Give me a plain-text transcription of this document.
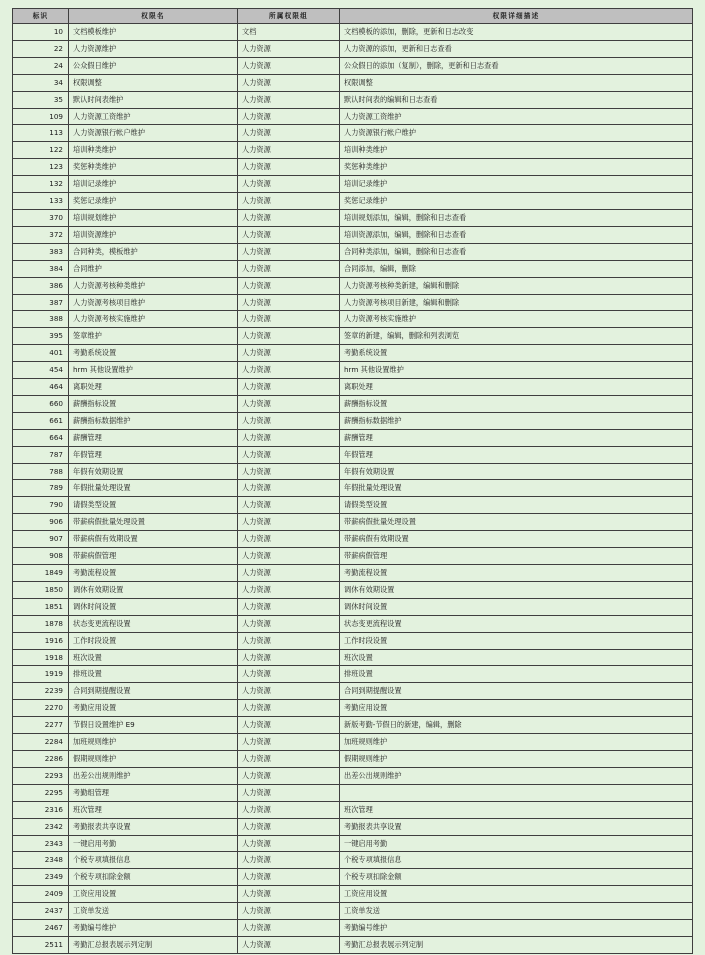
标识	权限名	所属权限组	权限详细描述
10	文档模板维护	文档	文档模板的添加，删除，更新和日志改变
22	人力资源维护	人力资源	人力资源的添加，更新和日志查看
24	公众假日维护	人力资源	公众假日的添加（复制），删除，更新和日志查看
34	权限调整	人力资源	权限调整
35	默认时间表维护	人力资源	默认时间表的编辑和日志查看
109	人力资源工资维护	人力资源	人力资源工资维护
113	人力资源银行帐户维护	人力资源	人力资源银行帐户维护
122	培训种类维护	人力资源	培训种类维护
123	奖惩种类维护	人力资源	奖惩种类维护
132	培训记录维护	人力资源	培训记录维护
133	奖惩记录维护	人力资源	奖惩记录维护
370	培训规划维护	人力资源	培训规划添加，编辑，删除和日志查看
372	培训资源维护	人力资源	培训资源添加，编辑，删除和日志查看
383	合同种类，模板维护	人力资源	合同种类添加，编辑，删除和日志查看
384	合同维护	人力资源	合同添加，编辑，删除
386	人力资源考核种类维护	人力资源	人力资源考核种类新建，编辑和删除
387	人力资源考核项目维护	人力资源	人力资源考核项目新建，编辑和删除
388	人力资源考核实施维护	人力资源	人力资源考核实施维护
395	签章维护	人力资源	签章的新建，编辑，删除和列表浏览
401	考勤系统设置	人力资源	考勤系统设置
454	hrm 其他设置维护	人力资源	hrm 其他设置维护
464	离职处理	人力资源	离职处理
660	薪酬指标设置	人力资源	薪酬指标设置
661	薪酬指标数据维护	人力资源	薪酬指标数据维护
664	薪酬管理	人力资源	薪酬管理
787	年假管理	人力资源	年假管理
788	年假有效期设置	人力资源	年假有效期设置
789	年假批量处理设置	人力资源	年假批量处理设置
790	请假类型设置	人力资源	请假类型设置
906	带薪病假批量处理设置	人力资源	带薪病假批量处理设置
907	带薪病假有效期设置	人力资源	带薪病假有效期设置
908	带薪病假管理	人力资源	带薪病假管理
1849	考勤流程设置	人力资源	考勤流程设置
1850	调休有效期设置	人力资源	调休有效期设置
1851	调休时间设置	人力资源	调休时间设置
1878	状态变更流程设置	人力资源	状态变更流程设置
1916	工作时段设置	人力资源	工作时段设置
1918	班次设置	人力资源	班次设置
1919	排班设置	人力资源	排班设置
2239	合同到期提醒设置	人力资源	合同到期提醒设置
2270	考勤应用设置	人力资源	考勤应用设置
2277	节假日设置维护 E9	人力资源	新版考勤-节假日的新建，编辑，删除
2284	加班规则维护	人力资源	加班规则维护
2286	假期规则维护	人力资源	假期规则维护
2293	出差公出规则维护	人力资源	出差公出规则维护
2295	考勤组管理	人力资源	
2316	班次管理	人力资源	班次管理
2342	考勤报表共享设置	人力资源	考勤报表共享设置
2343	一键启用考勤	人力资源	一键启用考勤
2348	个税专项填报信息	人力资源	个税专项填报信息
2349	个税专项扣除金额	人力资源	个税专项扣除金额
2409	工资应用设置	人力资源	工资应用设置
2437	工资单发送	人力资源	工资单发送
2467	考勤编号维护	人力资源	考勤编号维护
2511	考勤汇总报表展示列定制	人力资源	考勤汇总报表展示列定制
